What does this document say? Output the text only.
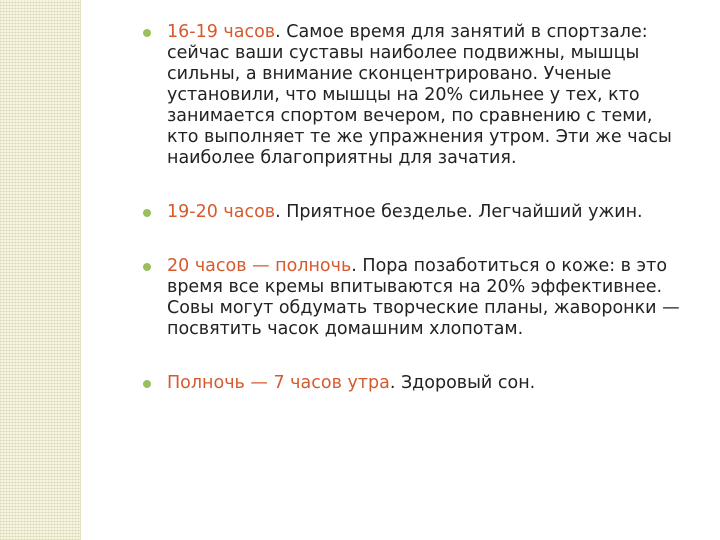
16-19 часов. Самое время для занятий в спортзале: сейчас ваши суставы наиболее подвижны, мышцы сильны, а внимание сконцентрировано. Ученые установили, что мышцы на 20% сильнее у тех, кто занимается спортом вечером, по сравнению с теми, кто выполняет те же упражнения утром. Эти же часы наиболее благоприятны для зачатия.
19-20 часов. Приятное безделье. Легчайший ужин.
20 часов — полночь. Пора позаботиться о коже: в это время все кремы впитываются на 20% эффективнее. Совы могут обдумать творческие планы, жаворонки — посвятить часок домашним хлопотам.
Полночь — 7 часов утра. Здоровый сон.
